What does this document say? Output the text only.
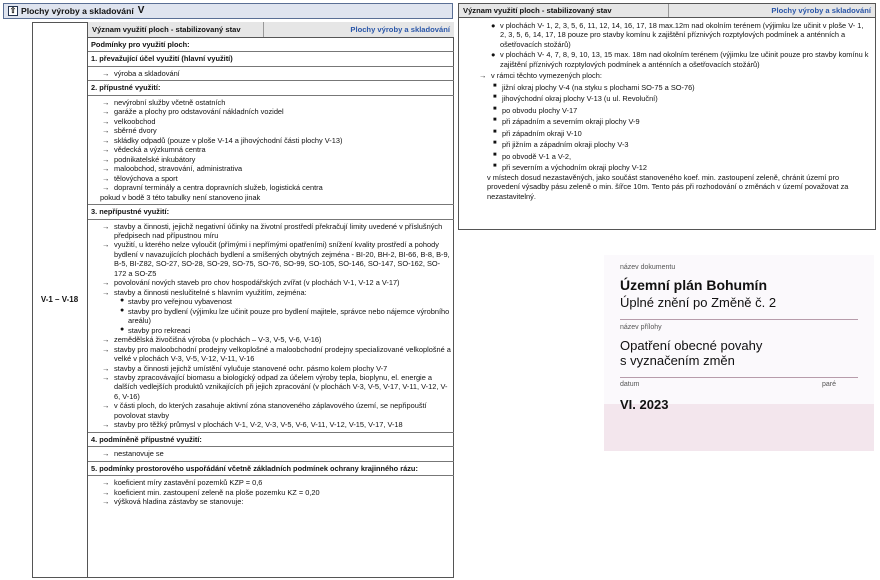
⇧ Plochy výroby a skladování V
V-1 – V-18
Význam využití ploch - stabilizovaný stav	Plochy výroby a skladování
Podmínky pro využití ploch:
1. převažující účel využití (hlavní využití)
→ výroba a skladování
2. přípustné využití:
→ nevýrobní služby včetně ostatních
→ garáže a plochy pro odstavování nákladních vozidel
→ velkoobchod
→ sběrné dvory
→ skládky odpadů (pouze v ploše V-14 a jihovýchodní části plochy V-13)
→ vědecká a výzkumná centra
→ podnikatelské inkubátory
→ maloobchod, stravování, administrativa
→ tělovýchova a sport
→ dopravní terminály a centra dopravních služeb, logistická centra
pokud v bodě 3 této tabulky není stanoveno jinak
3. nepřípustné využití:
→ stavby a činnosti, jejichž negativní účinky na životní prostředí překračují limity uvedené v příslušných předpisech nad přípustnou míru
→ využití, u kterého nelze vyloučit (přímými i nepřímými opatřeními) snížení kvality prostředí a pohody bydlení v navazujících plochách bydlení a smíšených obytných zejména - BI-20, BH-2, BI-66, B-8, B-9, B-5, BI-Z82, SO-27, SO-28, SO-29, SO-75, SO-76, SO-99, SO-105, SO-146, SO-147, SO-162, SO-172 a SO-Z5
→ povolování nových staveb pro chov hospodářských zvířat (v plochách V-1, V-12 a V-17)
→ stavby a činnosti neslučitelné s hlavním využitím, zejména:
● stavby pro veřejnou vybavenost
● stavby pro bydlení (výjimku lze učinit pouze pro bydlení majitele, správce nebo nájemce výrobního areálu)
● stavby pro rekreaci
→ zemědělská živočišná výroba (v plochách – V-3, V-5, V-6, V-16)
→ stavby pro maloobchodní prodejny velkoplošné a maloobchodní prodejny specializované velkoplošné a velké v plochách V-3, V-5, V-12, V-11, V-16
→ stavby a činnosti jejichž umístění vylučuje stanovené ochr. pásmo kolem plochy V-7
→ stavby zpracovávající biomasu a biologický odpad za účelem výroby tepla, bioplynu, el. energie a dalších vedlejších produktů vznikajících při jejich zpracování (v plochách V-3, V-5, V-17, V-11, V-12, V-6, V-16)
→ v části ploch, do kterých zasahuje aktivní zóna stanoveného záplavového území, se nepřipouští povolovat stavby
→ stavby pro těžký průmysl v plochách V-1, V-2, V-3, V-5, V-6, V-11, V-12, V-15, V-17, V-18
4. podmíněně přípustné využití:
→ nestanovuje se
5. podmínky prostorového uspořádání včetně základních podmínek ochrany krajinného rázu:
→ koeficient míry zastavění pozemků KZP = 0,6
→ koeficient min. zastoupení zeleně na ploše pozemku KZ = 0,20
→ výšková hladina zástavby se stanovuje:
Význam využití ploch - stabilizovaný stav	Plochy výroby a skladování
● v plochách V- 1, 2, 3, 5, 6, 11, 12, 14, 16, 17, 18 max.12m nad okolním terénem (výjimku lze učinit v ploše V- 1, 2, 3, 5, 6, 14, 17, 18 pouze pro stavby komínu k zajištění příznivých rozptylových podmínek a anténních a ošetřovacích stožárů)
● v plochách V- 4, 7, 8, 9, 10, 13, 15 max. 18m nad okolním terénem (výjimku lze učinit pouze pro stavby komínu k zajištění příznivých rozptylových podmínek a anténních a ošetřovacích stožárů)
→ v rámci těchto vymezených ploch:
■ jižní okraj plochy V-4 (na styku s plochami SO-75 a SO-76)
■ jihovýchodní okraj plochy V-13 (u ul. Revoluční)
■ po obvodu plochy V-17
■ při západním a severním okraji plochy V-9
■ při západním okraji V-10
■ při jižním a západním okraji plochy V-3
■ po obvodě V-1 a V-2,
■ při severním a východním okraji plochy V-12
v místech dosud nezastavěných, jako součást stanoveného koef. min. zastoupení zeleně, chránit území pro provedení výsadby pásu zeleně o min. šířce 10m. Tento pás při rozhodování o změnách v území považovat za nezastavitelný.
název dokumentu
Územní plán Bohumín
Úplné znění po Změně č. 2
název přílohy
Opatření obecné povahy
s vyznačením změn
datum	paré
VI. 2023
